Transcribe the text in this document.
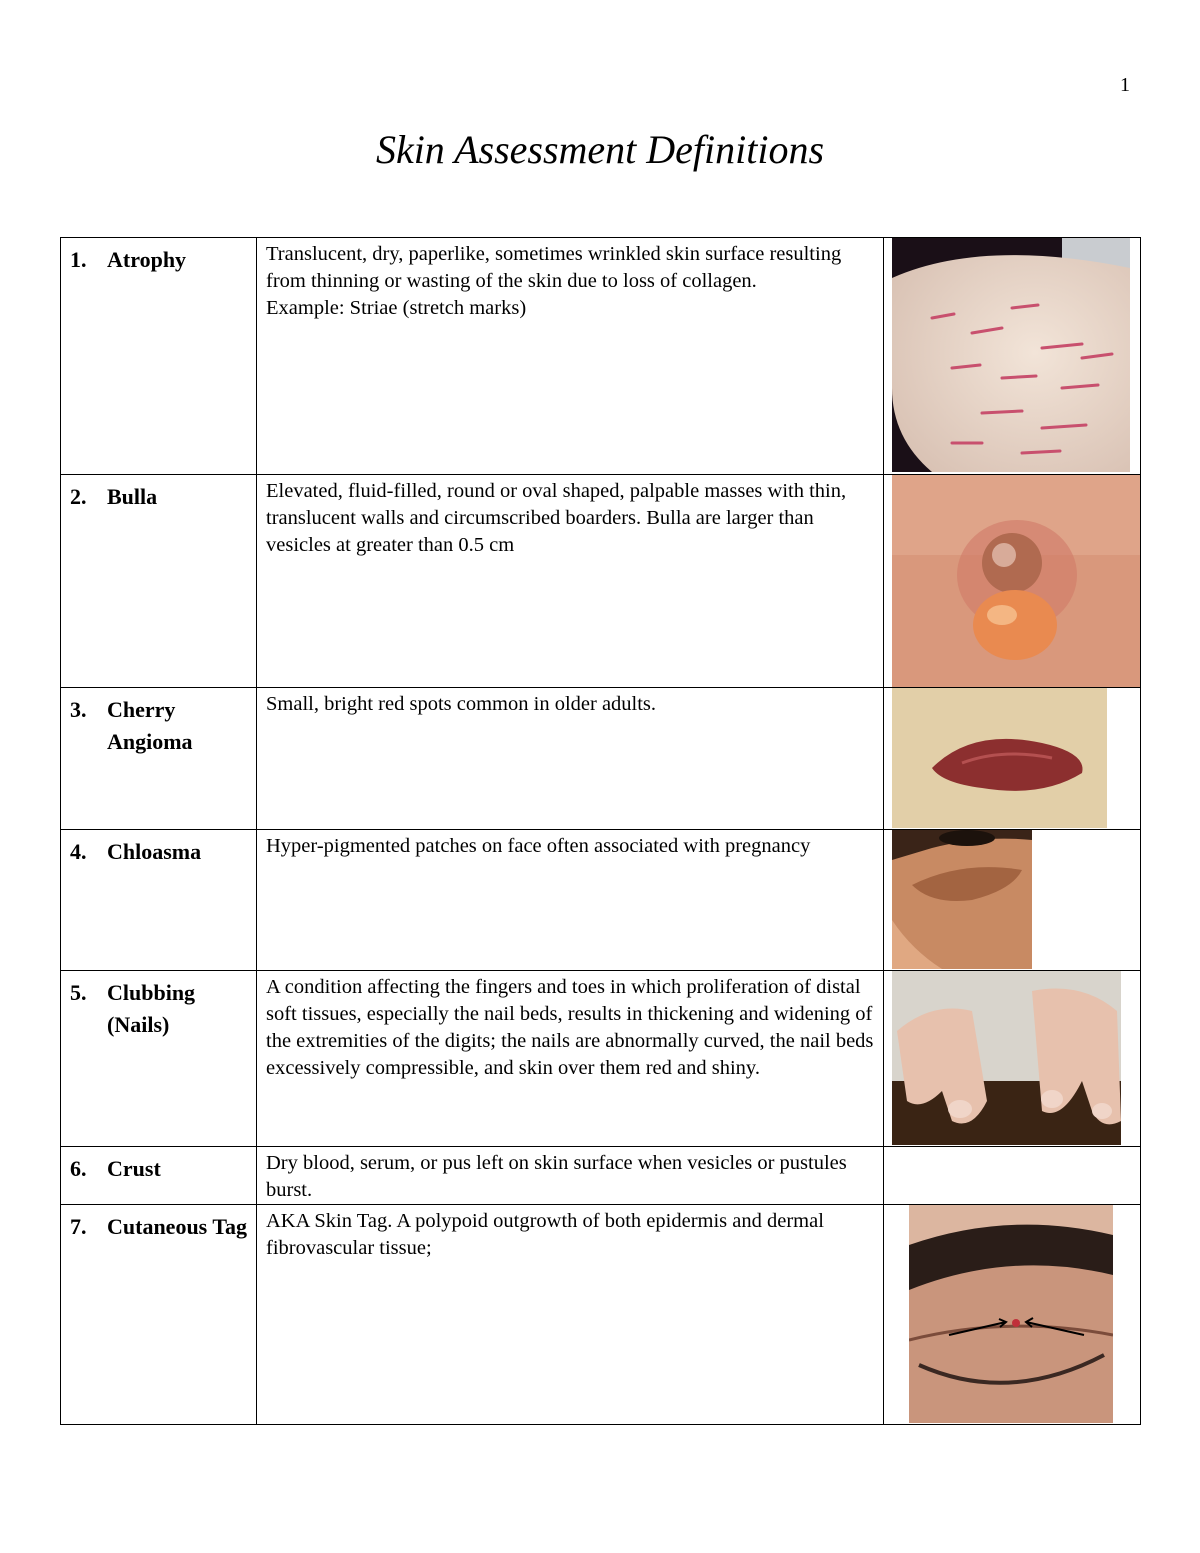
1
Skin Assessment Definitions
1. Atrophy	Translucent, dry, paperlike, sometimes wrinkled skin surface resulting from thinning or wasting of the skin due to loss of collagen.
Example: Striae (stretch marks)

2. Bulla	Elevated, fluid-filled, round or oval shaped, palpable masses with thin, translucent walls and circumscribed boarders. Bulla are larger than vesicles at greater than 0.5 cm

3. Cherry Angioma	Small, bright red spots common in older adults.

4. Chloasma	Hyper-pigmented patches on face often associated with pregnancy

5. Clubbing (Nails)	A condition affecting the fingers and toes in which proliferation of distal soft tissues, especially the nail beds, results in thickening and widening of the extremities of the digits; the nails are abnormally curved, the nail beds excessively compressible, and skin over them red and shiny.

6. Crust	Dry blood, serum, or pus left on skin surface when vesicles or pustules burst.	

7. Cutaneous Tag	AKA Skin Tag. A polypoid outgrowth of both epidermis and dermal fibrovascular tissue;
